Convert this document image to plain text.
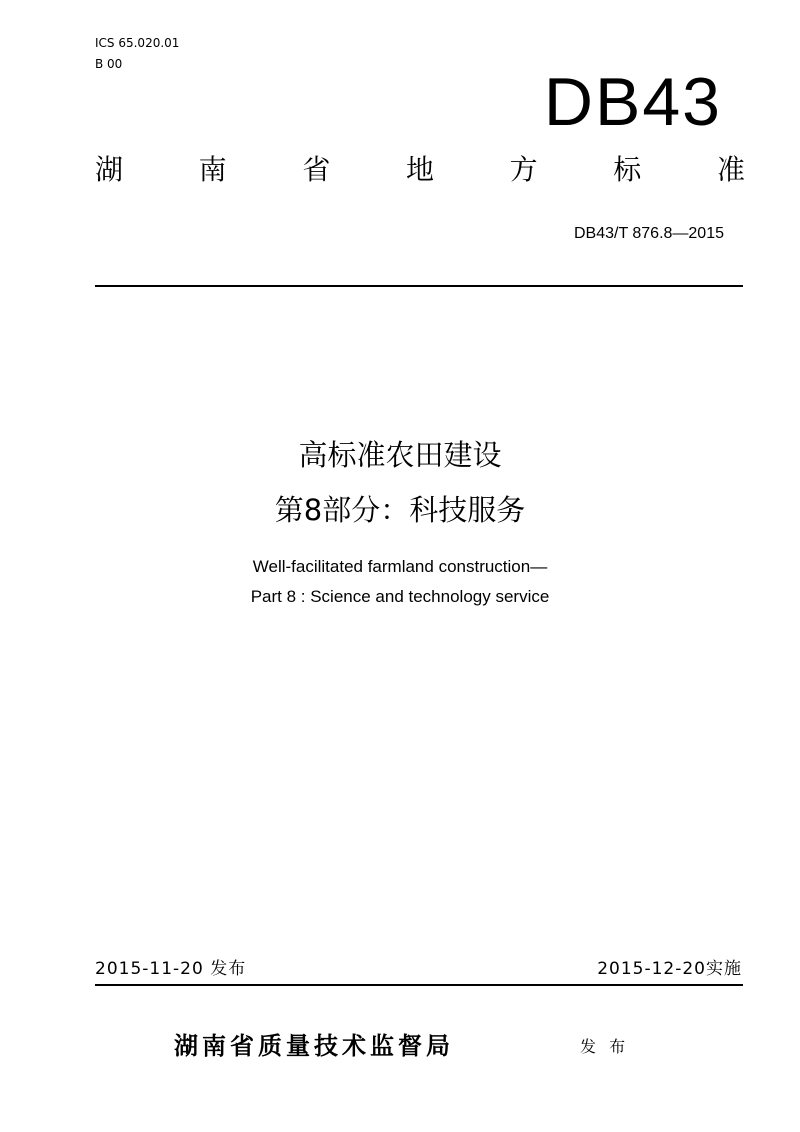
ICS 65.020.01
B 00	DB43
湖	南	省	地	方	标	准
DB43/T 876.8—2015
高标准农田建设
第8部分：科技服务
Well-facilitated farmland construction—
Part 8 : Science and technology service
2015-11-20 发布	2015-12-20实施
湖南省质量技术监督局	发 布
